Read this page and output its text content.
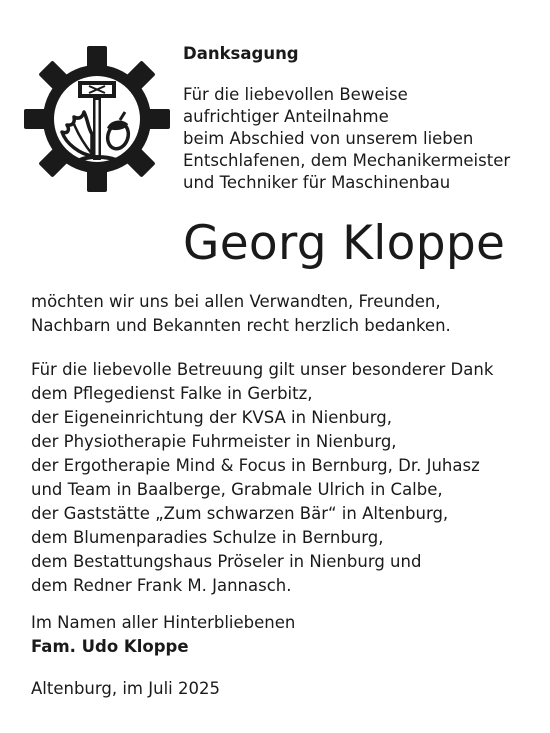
Danksagung
Für die liebevollen Beweise
aufrichtiger Anteilnahme
beim Abschied von unserem lieben
Entschlafenen, dem Mechanikermeister
und Techniker für Maschinenbau
Georg Kloppe
möchten wir uns bei allen Verwandten, Freunden,
Nachbarn und Bekannten recht herzlich bedanken.
Für die liebevolle Betreuung gilt unser besonderer Dank
dem Pflegedienst Falke in Gerbitz,
der Eigeneinrichtung der KVSA in Nienburg,
der Physiotherapie Fuhrmeister in Nienburg,
der Ergotherapie Mind & Focus in Bernburg, Dr. Juhasz
und Team in Baalberge, Grabmale Ulrich in Calbe,
der Gaststätte „Zum schwarzen Bär“ in Altenburg,
dem Blumenparadies Schulze in Bernburg,
dem Bestattungshaus Pröseler in Nienburg und
dem Redner Frank M. Jannasch.
Im Namen aller Hinterbliebenen
Fam. Udo Kloppe
Altenburg, im Juli 2025
